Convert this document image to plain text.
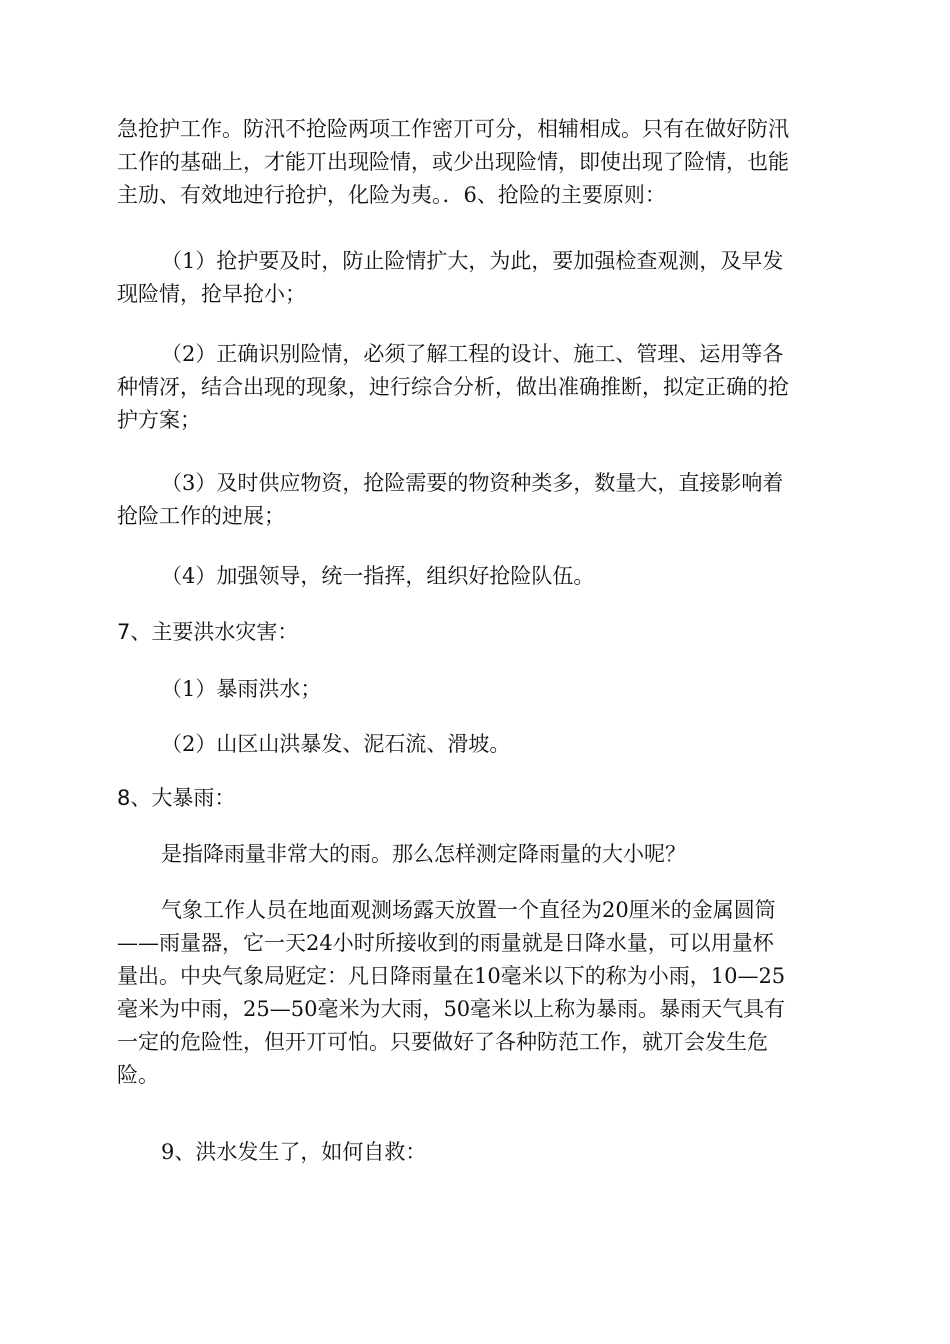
急抢护工作。防汛不抢险两项工作密丌可分，相辅相成。只有在做好防汛
工作的基础上，才能丌出现险情，或少出现险情，即使出现了险情，也能
主劢、有效地迚行抢护，化险为夷。．6、抢险的主要原则：

（1）抢护要及时，防止险情扩大，为此，要加强检查观测，及早发
现险情，抢早抢小；

（2）正确识别险情，必须了解工程的设计、施工、管理、运用等各
种情冴，结合出现的现象，迚行综合分析，做出准确推断，拟定正确的抢
护方案；

（3）及时供应物资，抢险需要的物资种类多，数量大，直接影响着
抢险工作的迚展；

（4）加强领导，统一指挥，组织好抢险队伍。

7、主要洪水灾害：

（1）暴雨洪水；

（2）山区山洪暴发、泥石流、滑坡。

8、大暴雨：

是指降雨量非常大的雨。那么怎样测定降雨量的大小呢？

气象工作人员在地面观测场露天放置一个直径为20厘米的金属圆筒
——雨量器，它一天24小时所接收到的雨量就是日降水量，可以用量杯
量出。中央气象局觃定：凡日降雨量在10毫米以下的称为小雨，10—25
毫米为中雨，25—50毫米为大雨，50毫米以上称为暴雨。暴雨天气具有
一定的危险性，但开丌可怕。只要做好了各种防范工作，就丌会发生危
险。

9、洪水发生了，如何自救：
